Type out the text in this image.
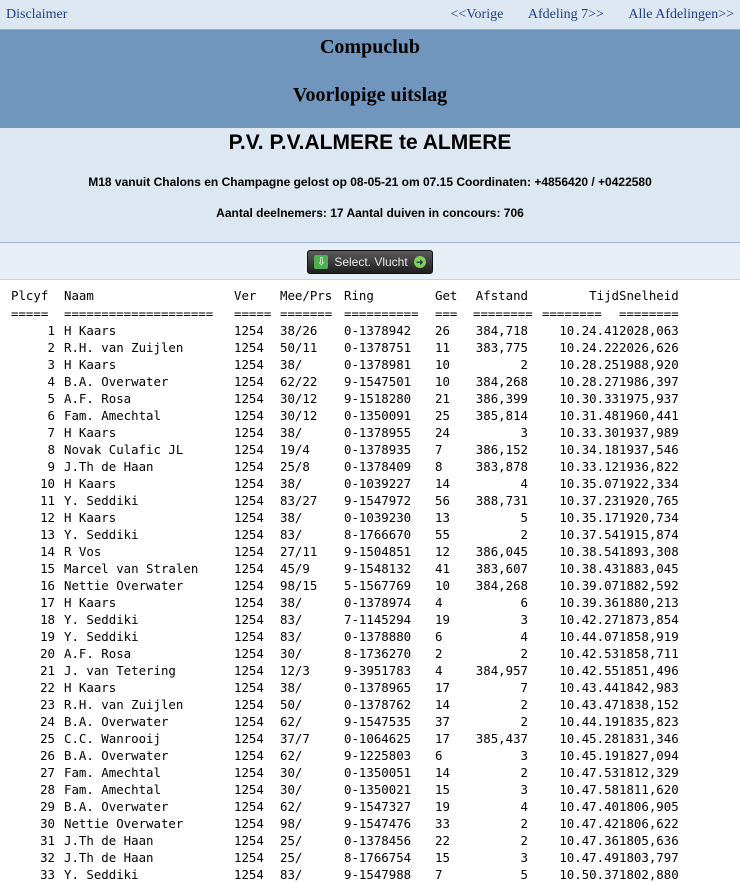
Disclaimer	<<Vorige Afdeling 7>> Alle Afdelingen>>
Compuclub
Voorlopige uitslag
P.V. P.V.ALMERE te ALMERE
M18 vanuit Chalons en Champagne gelost op 08-05-21 om 07.15 Coordinaten: +4856420 / +0422580
Aantal deelnemers: 17 Aantal duiven in concours: 706
⇩ Select. Vlucht ➜
Plcyf	Naam	Ver	Mee/Prs	Ring	Get	Afstand	Tijd	Snelheid
=====	====================	=====	=======	==========	===	========	========	========
1	H Kaars	1254	38/26	0-1378942	26	384,718	10.24.41	2028,063
2	R.H. van Zuijlen	1254	50/11	0-1378751	11	383,775	10.24.22	2026,626
3	H Kaars	1254	38/	0-1378981	10	2	10.28.25	1988,920
4	B.A. Overwater	1254	62/22	9-1547501	10	384,268	10.28.27	1986,397
5	A.F. Rosa	1254	30/12	9-1518280	21	386,399	10.30.33	1975,937
6	Fam. Amechtal	1254	30/12	0-1350091	25	385,814	10.31.48	1960,441
7	H Kaars	1254	38/	0-1378955	24	3	10.33.30	1937,989
8	Novak Culafic JL	1254	19/4	0-1378935	7	386,152	10.34.18	1937,546
9	J.Th de Haan	1254	25/8	0-1378409	8	383,878	10.33.12	1936,822
10	H Kaars	1254	38/	0-1039227	14	4	10.35.07	1922,334
11	Y. Seddiki	1254	83/27	9-1547972	56	388,731	10.37.23	1920,765
12	H Kaars	1254	38/	0-1039230	13	5	10.35.17	1920,734
13	Y. Seddiki	1254	83/	8-1766670	55	2	10.37.54	1915,874
14	R Vos	1254	27/11	9-1504851	12	386,045	10.38.54	1893,308
15	Marcel van Stralen	1254	45/9	9-1548132	41	383,607	10.38.43	1883,045
16	Nettie Overwater	1254	98/15	5-1567769	10	384,268	10.39.07	1882,592
17	H Kaars	1254	38/	0-1378974	4	6	10.39.36	1880,213
18	Y. Seddiki	1254	83/	7-1145294	19	3	10.42.27	1873,854
19	Y. Seddiki	1254	83/	0-1378880	6	4	10.44.07	1858,919
20	A.F. Rosa	1254	30/	8-1736270	2	2	10.42.53	1858,711
21	J. van Tetering	1254	12/3	9-3951783	4	384,957	10.42.55	1851,496
22	H Kaars	1254	38/	0-1378965	17	7	10.43.44	1842,983
23	R.H. van Zuijlen	1254	50/	0-1378762	14	2	10.43.47	1838,152
24	B.A. Overwater	1254	62/	9-1547535	37	2	10.44.19	1835,823
25	C.C. Wanrooij	1254	37/7	0-1064625	17	385,437	10.45.28	1831,346
26	B.A. Overwater	1254	62/	9-1225803	6	3	10.45.19	1827,094
27	Fam. Amechtal	1254	30/	0-1350051	14	2	10.47.53	1812,329
28	Fam. Amechtal	1254	30/	0-1350021	15	3	10.47.58	1811,620
29	B.A. Overwater	1254	62/	9-1547327	19	4	10.47.40	1806,905
30	Nettie Overwater	1254	98/	9-1547476	33	2	10.47.42	1806,622
31	J.Th de Haan	1254	25/	0-1378456	22	2	10.47.36	1805,636
32	J.Th de Haan	1254	25/	8-1766754	15	3	10.47.49	1803,797
33	Y. Seddiki	1254	83/	9-1547988	7	5	10.50.37	1802,880
